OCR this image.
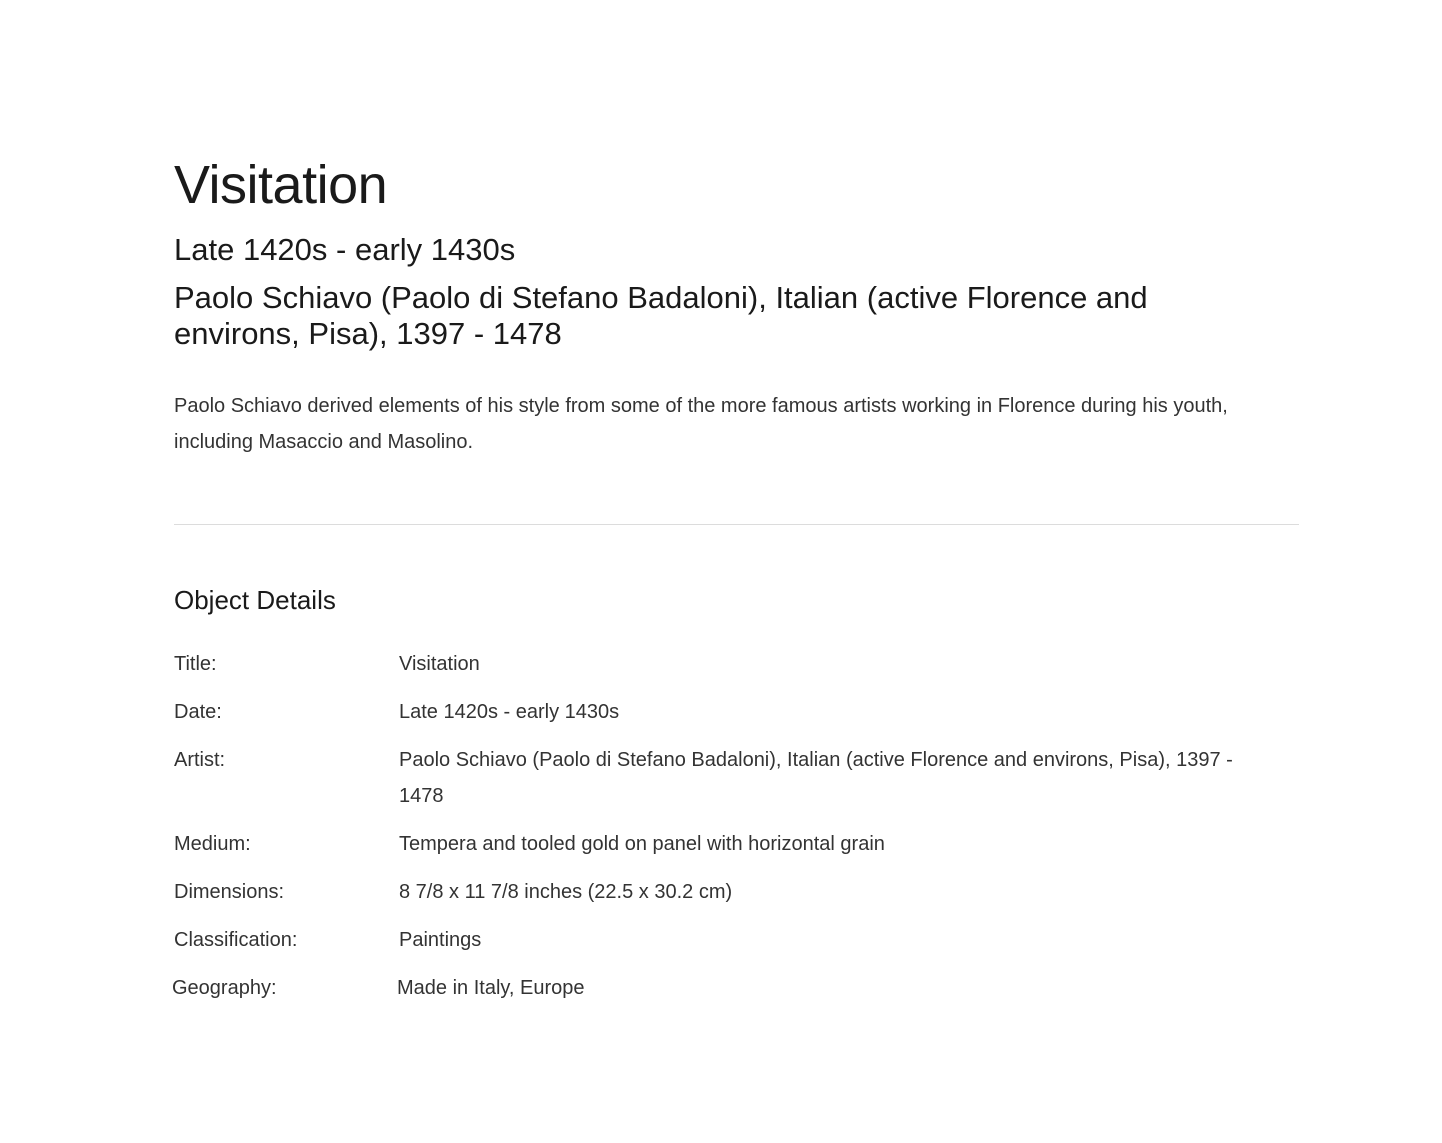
Visitation
Late 1420s - early 1430s
Paolo Schiavo (Paolo di Stefano Badaloni), Italian (active Florence and environs, Pisa), 1397 - 1478

Paolo Schiavo derived elements of his style from some of the more famous artists working in Florence during his youth, including Masaccio and Masolino.

Object Details
Title:	Visitation
Date:	Late 1420s - early 1430s
Artist:	Paolo Schiavo (Paolo di Stefano Badaloni), Italian (active Florence and environs, Pisa), 1397 - 1478
Medium:	Tempera and tooled gold on panel with horizontal grain
Dimensions:	8 7/8 x 11 7/8 inches (22.5 x 30.2 cm)
Classification:	Paintings
Geography:	Made in Italy, Europe
